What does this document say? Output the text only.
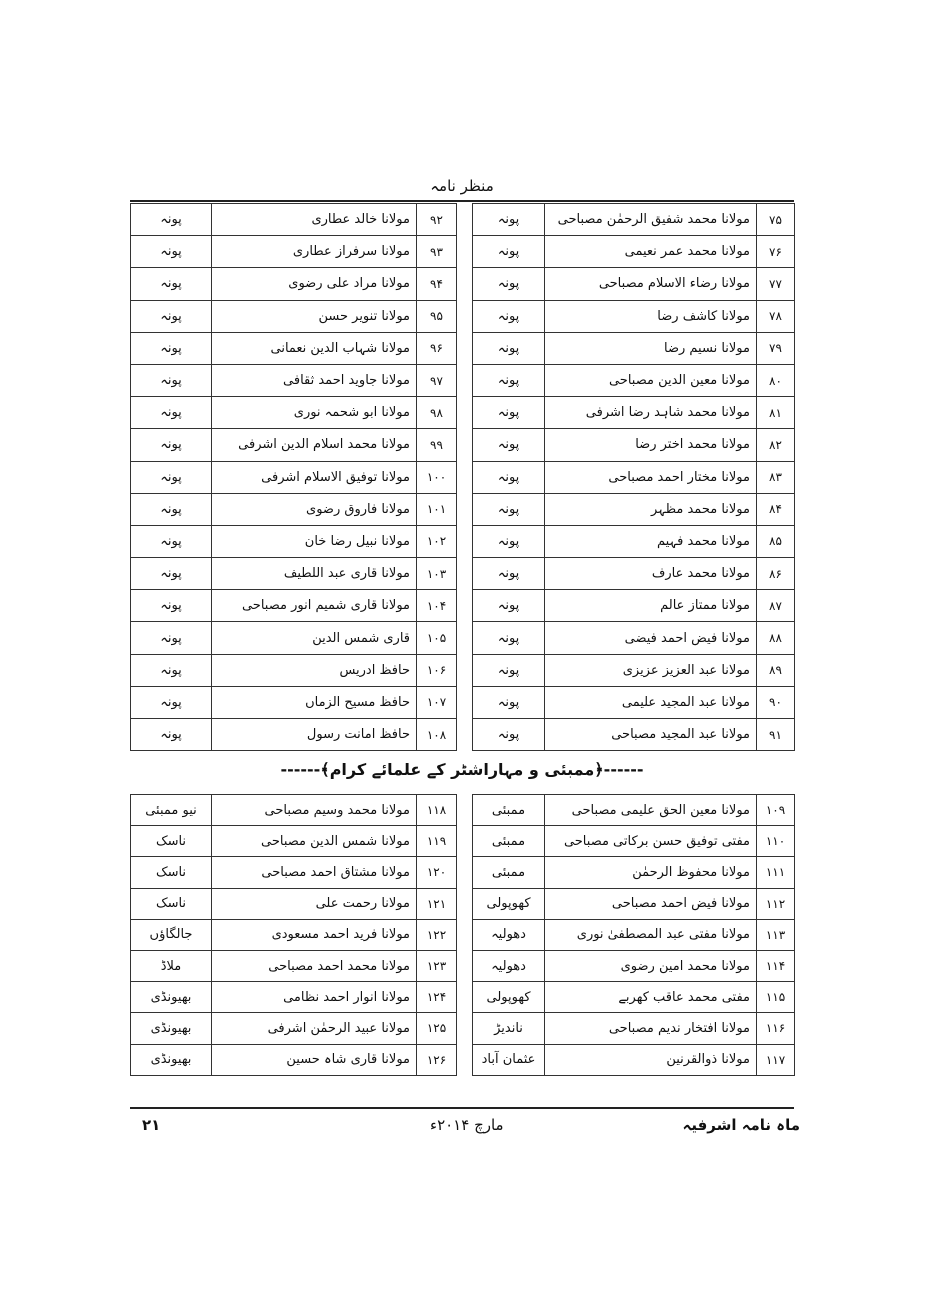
منظر نامہ
۷۵	مولانا محمد شفیق الرحمٰن مصباحی	پونہ		۹۲	مولانا خالد عطاری	پونہ
۷۶	مولانا محمد عمر نعیمی	پونہ		۹۳	مولانا سرفراز عطاری	پونہ
۷۷	مولانا رضاء الاسلام مصباحی	پونہ		۹۴	مولانا مراد علی رضوی	پونہ
۷۸	مولانا کاشف رضا	پونہ		۹۵	مولانا تنویر حسن	پونہ
۷۹	مولانا نسیم رضا	پونہ		۹۶	مولانا شہاب الدین نعمانی	پونہ
۸۰	مولانا معین الدین مصباحی	پونہ		۹۷	مولانا جاوید احمد ثقافی	پونہ
۸۱	مولانا محمد شاہد رضا اشرفی	پونہ		۹۸	مولانا ابو شحمہ نوری	پونہ
۸۲	مولانا محمد اختر رضا	پونہ		۹۹	مولانا محمد اسلام الدین اشرفی	پونہ
۸۳	مولانا مختار احمد مصباحی	پونہ		۱۰۰	مولانا توفیق الاسلام اشرفی	پونہ
۸۴	مولانا محمد مظہر	پونہ		۱۰۱	مولانا فاروق رضوی	پونہ
۸۵	مولانا محمد فہیم	پونہ		۱۰۲	مولانا نبیل رضا خان	پونہ
۸۶	مولانا محمد عارف	پونہ		۱۰۳	مولانا قاری عبد اللطیف	پونہ
۸۷	مولانا ممتاز عالم	پونہ		۱۰۴	مولانا قاری شمیم انور مصباحی	پونہ
۸۸	مولانا فیض احمد فیضی	پونہ		۱۰۵	قاری شمس الدین	پونہ
۸۹	مولانا عبد العزیز عزیزی	پونہ		۱۰۶	حافظ ادریس	پونہ
۹۰	مولانا عبد المجید علیمی	پونہ		۱۰۷	حافظ مسیح الزماں	پونہ
۹۱	مولانا عبد المجید مصباحی	پونہ		۱۰۸	حافظ امانت رسول	پونہ
------﴿ممبئی و مہاراشٹر کے علمائے کرام﴾------
۱۰۹	مولانا معین الحق علیمی مصباحی	ممبئی		۱۱۸	مولانا محمد وسیم مصباحی	نیو ممبئی
۱۱۰	مفتی توفیق حسن برکاتی مصباحی	ممبئی		۱۱۹	مولانا شمس الدین مصباحی	ناسک
۱۱۱	مولانا محفوظ الرحمٰن	ممبئی		۱۲۰	مولانا مشتاق احمد مصباحی	ناسک
۱۱۲	مولانا فیض احمد مصباحی	کھوپولی		۱۲۱	مولانا رحمت علی	ناسک
۱۱۳	مولانا مفتی عبد المصطفیٰ نوری	دھولیہ		۱۲۲	مولانا فرید احمد مسعودی	جالگاؤں
۱۱۴	مولانا محمد امین رضوی	دھولیہ		۱۲۳	مولانا محمد احمد مصباحی	ملاڈ
۱۱۵	مفتی محمد عاقب کھربے	کھوپولی		۱۲۴	مولانا انوار احمد نظامی	بھیونڈی
۱۱۶	مولانا افتخار ندیم مصباحی	ناندیڑ		۱۲۵	مولانا عبید الرحمٰن اشرفی	بھیونڈی
۱۱۷	مولانا ذوالقرنین	عثمان آباد		۱۲۶	مولانا قاری شاہ حسین	بھیونڈی
۲۱	مارچ ۲۰۱۴ء	ماہ نامہ اشرفیہ
